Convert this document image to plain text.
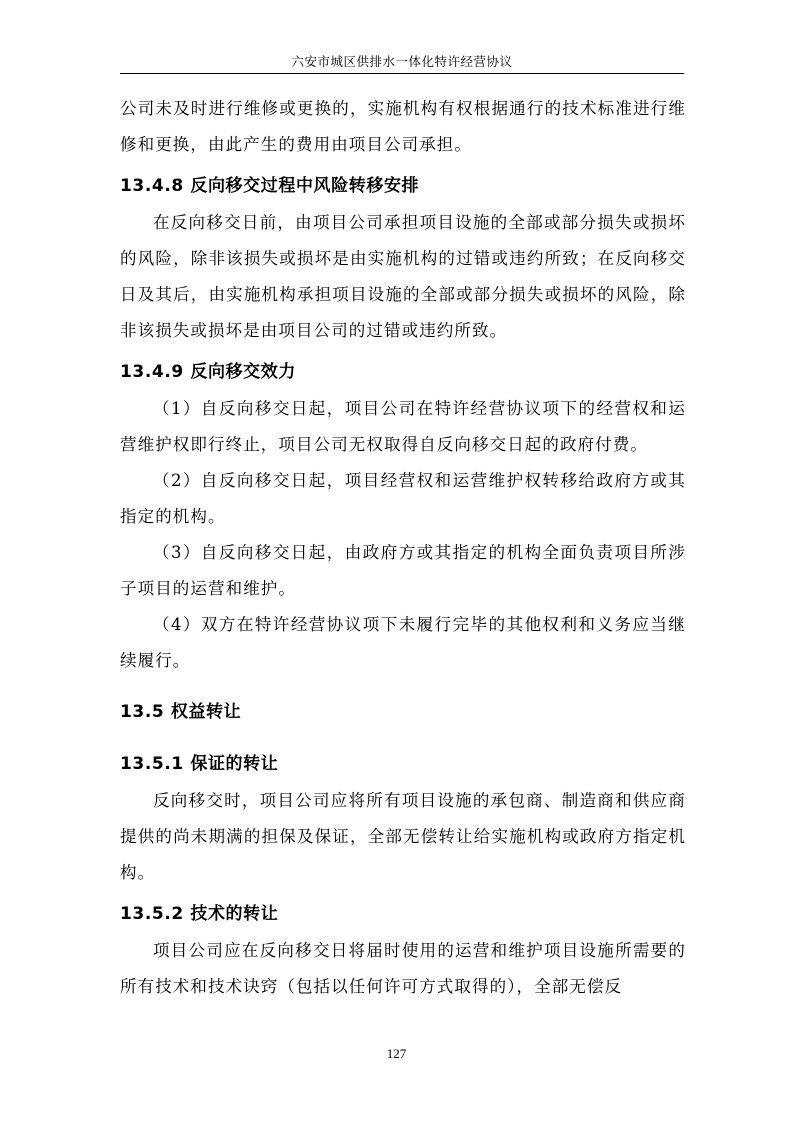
六安市城区供排水一体化特许经营协议

公司未及时进行维修或更换的，实施机构有权根据通行的技术标准进行维修和更换，由此产生的费用由项目公司承担。

13.4.8 反向移交过程中风险转移安排

在反向移交日前，由项目公司承担项目设施的全部或部分损失或损坏的风险，除非该损失或损坏是由实施机构的过错或违约所致；在反向移交日及其后，由实施机构承担项目设施的全部或部分损失或损坏的风险，除非该损失或损坏是由项目公司的过错或违约所致。

13.4.9 反向移交效力

（1）自反向移交日起，项目公司在特许经营协议项下的经营权和运营维护权即行终止，项目公司无权取得自反向移交日起的政府付费。

（2）自反向移交日起，项目经营权和运营维护权转移给政府方或其指定的机构。

（3）自反向移交日起，由政府方或其指定的机构全面负责项目所涉子项目的运营和维护。

（4）双方在特许经营协议项下未履行完毕的其他权利和义务应当继续履行。

13.5 权益转让
13.5.1 保证的转让

反向移交时，项目公司应将所有项目设施的承包商、制造商和供应商提供的尚未期满的担保及保证，全部无偿转让给实施机构或政府方指定机构。

13.5.2 技术的转让

项目公司应在反向移交日将届时使用的运营和维护项目设施所需要的所有技术和技术诀窍（包括以任何许可方式取得的），全部无偿反

127
